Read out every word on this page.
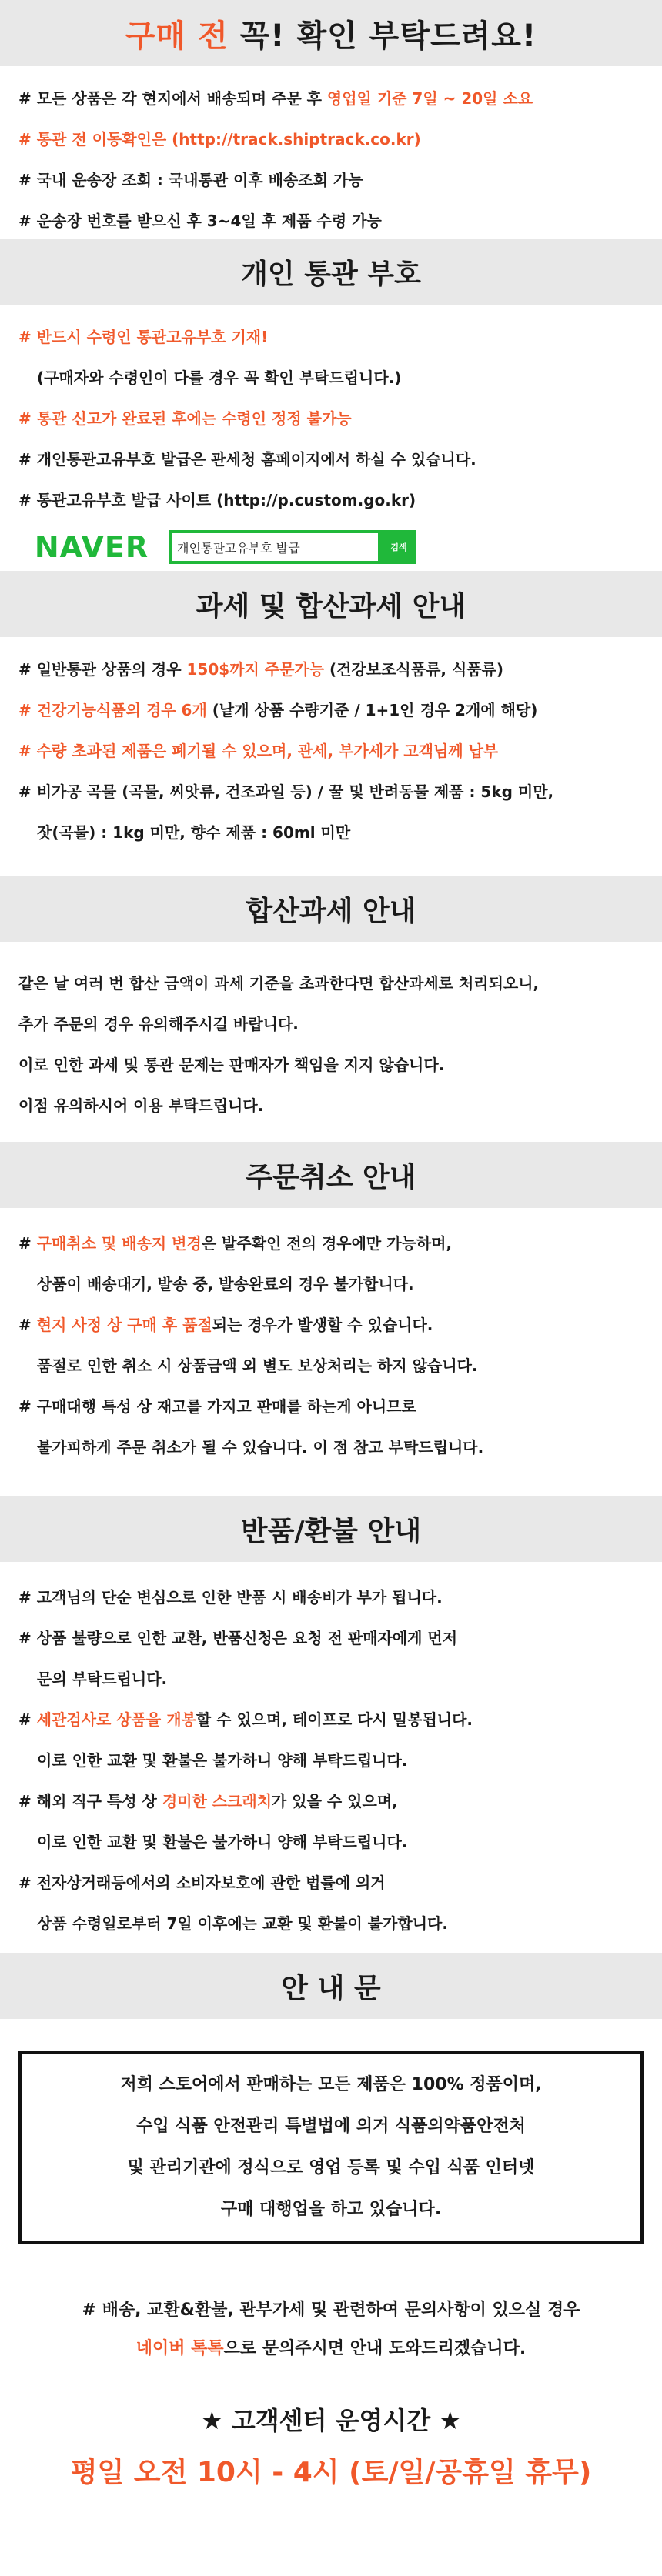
구매 전 꼭! 확인 부탁드려요!
# 모든 상품은 각 현지에서 배송되며 주문 후 영업일 기준 7일 ~ 20일 소요
# 통관 전 이동확인은 (http://track.shiptrack.co.kr)
# 국내 운송장 조회 : 국내통관 이후 배송조회 가능
# 운송장 번호를 받으신 후 3~4일 후 제품 수령 가능
개인 통관 부호
# 반드시 수령인 통관고유부호 기재!
(구매자와 수령인이 다를 경우 꼭 확인 부탁드립니다.)
# 통관 신고가 완료된 후에는 수령인 정정 불가능
# 개인통관고유부호 발급은 관세청 홈페이지에서 하실 수 있습니다.
# 통관고유부호 발급 사이트 (http://p.custom.go.kr)
NAVER	개인통관고유부호 발급	검색
과세 및 합산과세 안내
# 일반통관 상품의 경우 150$까지 주문가능 (건강보조식품류, 식품류)
# 건강기능식품의 경우 6개 (낱개 상품 수량기준 / 1+1인 경우 2개에 해당)
# 수량 초과된 제품은 폐기될 수 있으며, 관세, 부가세가 고객님께 납부
# 비가공 곡물 (곡물, 씨앗류, 건조과일 등) / 꿀 및 반려동물 제품 : 5kg 미만,
잣(곡물) : 1kg 미만, 향수 제품 : 60ml 미만
합산과세 안내
같은 날 여러 번 합산 금액이 과세 기준을 초과한다면 합산과세로 처리되오니,
추가 주문의 경우 유의해주시길 바랍니다.
이로 인한 과세 및 통관 문제는 판매자가 책임을 지지 않습니다.
이점 유의하시어 이용 부탁드립니다.
주문취소 안내
# 구매취소 및 배송지 변경은 발주확인 전의 경우에만 가능하며,
상품이 배송대기, 발송 중, 발송완료의 경우 불가합니다.
# 현지 사정 상 구매 후 품절되는 경우가 발생할 수 있습니다.
품절로 인한 취소 시 상품금액 외 별도 보상처리는 하지 않습니다.
# 구매대행 특성 상 재고를 가지고 판매를 하는게 아니므로
불가피하게 주문 취소가 될 수 있습니다. 이 점 참고 부탁드립니다.
반품/환불 안내
# 고객님의 단순 변심으로 인한 반품 시 배송비가 부가 됩니다.
# 상품 불량으로 인한 교환, 반품신청은 요청 전 판매자에게 먼저
문의 부탁드립니다.
# 세관검사로 상품을 개봉할 수 있으며, 테이프로 다시 밀봉됩니다.
이로 인한 교환 및 환불은 불가하니 양해 부탁드립니다.
# 해외 직구 특성 상 경미한 스크래치가 있을 수 있으며,
이로 인한 교환 및 환불은 불가하니 양해 부탁드립니다.
# 전자상거래등에서의 소비자보호에 관한 법률에 의거
상품 수령일로부터 7일 이후에는 교환 및 환불이 불가합니다.
안 내 문

저희 스토어에서 판매하는 모든 제품은 100% 정품이며,

수입 식품 안전관리 특별법에 의거 식품의약품안전처

및 관리기관에 정식으로 영업 등록 및 수입 식품 인터넷

구매 대행업을 하고 있습니다.

# 배송, 교환&환불, 관부가세 및 관련하여 문의사항이 있으실 경우

네이버 톡톡으로 문의주시면 안내 도와드리겠습니다.

★ 고객센터 운영시간 ★
평일 오전 10시 - 4시 (토/일/공휴일 휴무)
